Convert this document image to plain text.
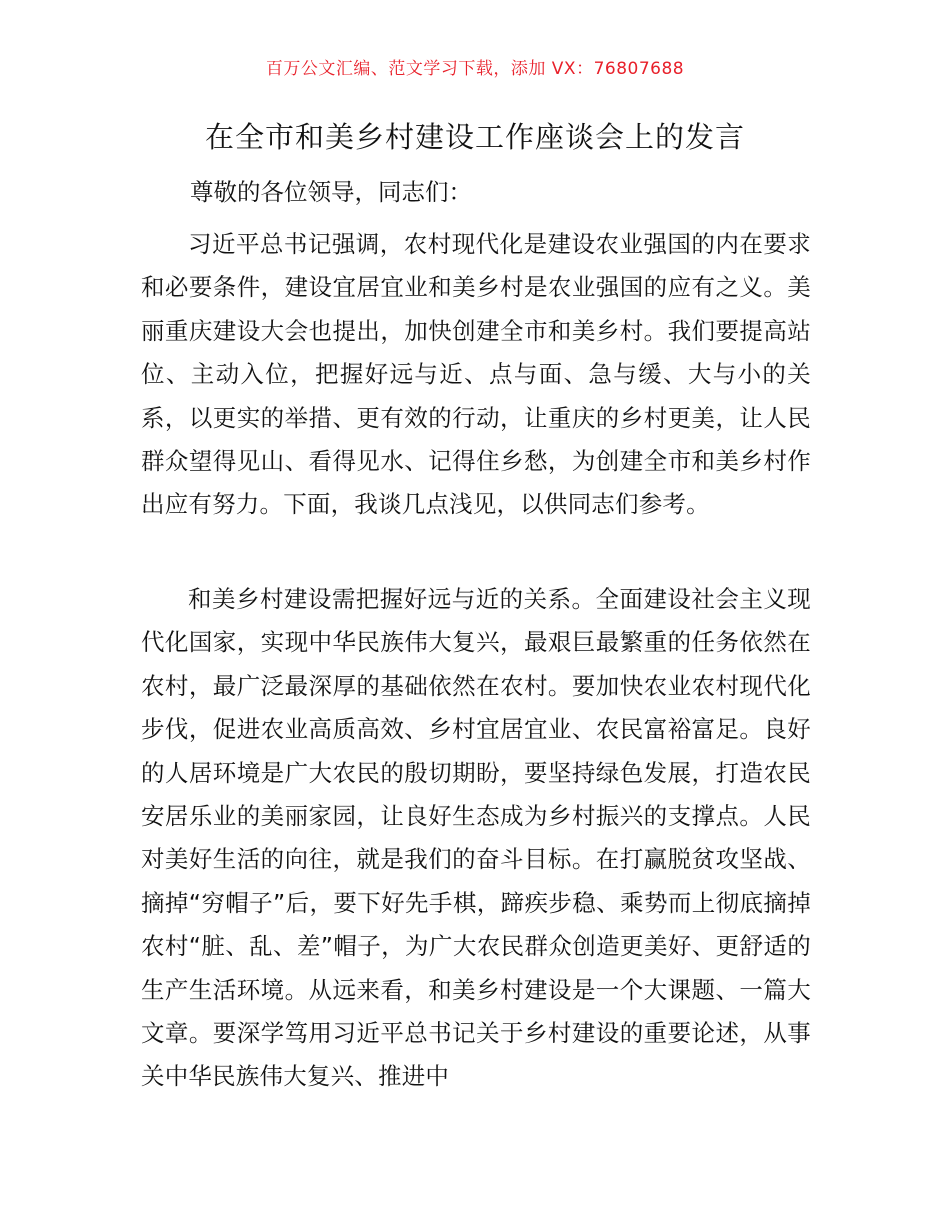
百万公文汇编、范文学习下载，添加 VX：76807688
在全市和美乡村建设工作座谈会上的发言
尊敬的各位领导，同志们：

习近平总书记强调，农村现代化是建设农业强国的内在要求和必要条件，建设宜居宜业和美乡村是农业强国的应有之义。美丽重庆建设大会也提出，加快创建全市和美乡村。我们要提高站位、主动入位，把握好远与近、点与面、急与缓、大与小的关系，以更实的举措、更有效的行动，让重庆的乡村更美，让人民群众望得见山、看得见水、记得住乡愁，为创建全市和美乡村作出应有努力。下面，我谈几点浅见，以供同志们参考。

和美乡村建设需把握好远与近的关系。全面建设社会主义现代化国家，实现中华民族伟大复兴，最艰巨最繁重的任务依然在农村，最广泛最深厚的基础依然在农村。要加快农业农村现代化步伐，促进农业高质高效、乡村宜居宜业、农民富裕富足。良好的人居环境是广大农民的殷切期盼，要坚持绿色发展，打造农民安居乐业的美丽家园，让良好生态成为乡村振兴的支撑点。人民对美好生活的向往，就是我们的奋斗目标。在打赢脱贫攻坚战、摘掉“穷帽子”后，要下好先手棋，蹄疾步稳、乘势而上彻底摘掉农村“脏、乱、差”帽子，为广大农民群众创造更美好、更舒适的生产生活环境。从远来看，和美乡村建设是一个大课题、一篇大文章。要深学笃用习近平总书记关于乡村建设的重要论述，从事关中华民族伟大复兴、推进中
